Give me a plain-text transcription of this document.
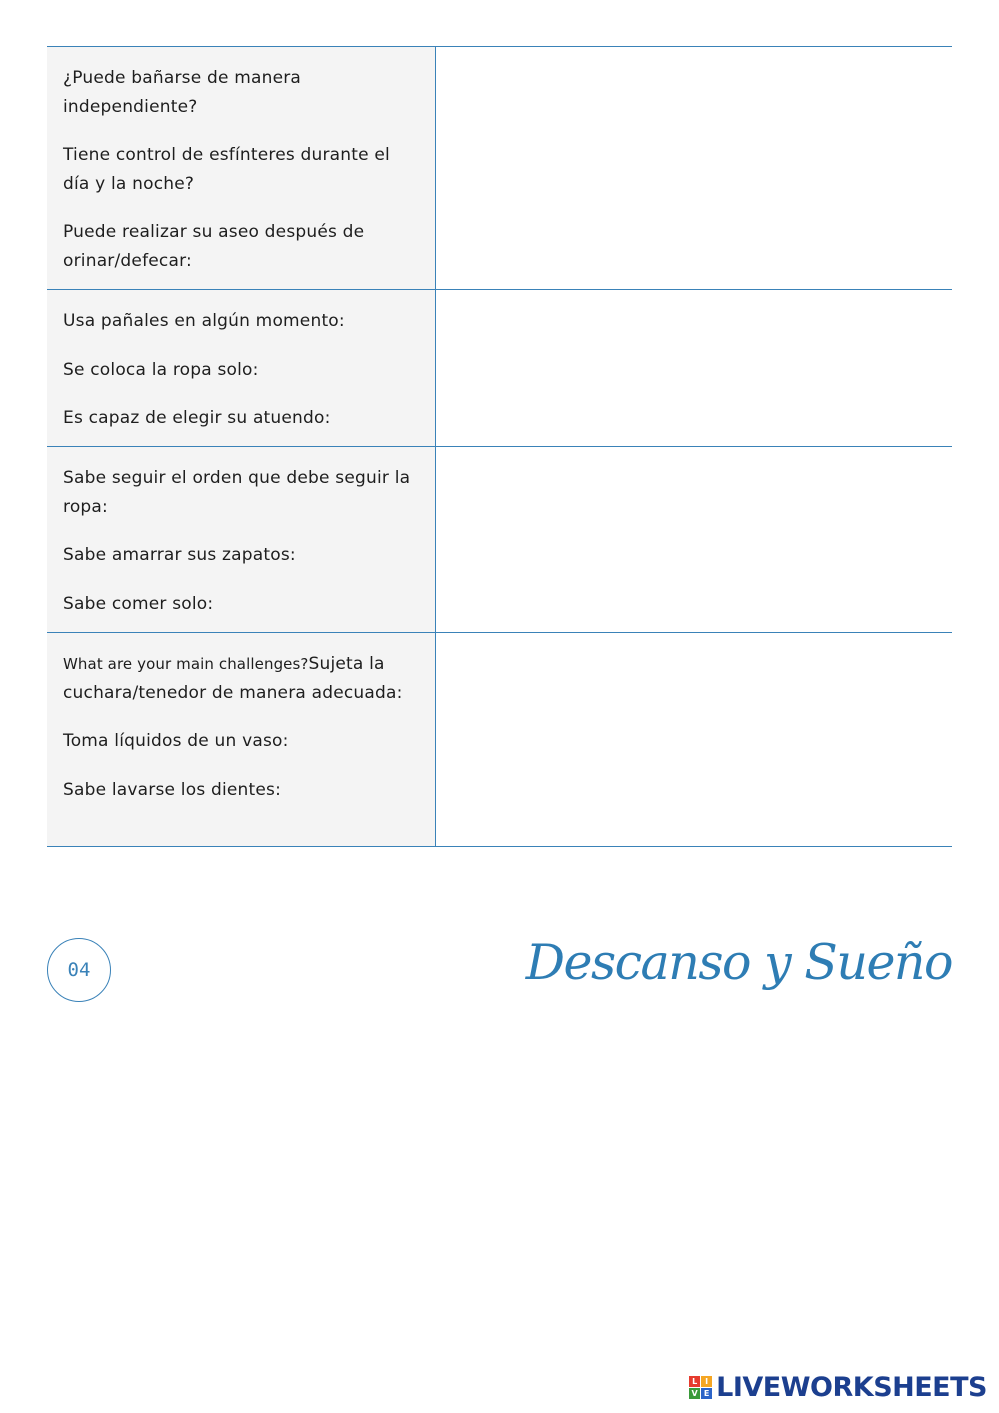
¿Puede bañarse de manera independiente?

Tiene control de esfínteres durante el día y la noche?

Puede realizar su aseo después de orinar/defecar:

Usa pañales en algún momento:

Se coloca la ropa solo:

Es capaz de elegir su atuendo:

Sabe seguir el orden que debe seguir la ropa:

Sabe amarrar sus zapatos:

Sabe comer solo:

What are your main challenges?Sujeta la cuchara/tenedor de manera adecuada:

Toma líquidos de un vaso:

Sabe lavarse los dientes:

04	Descanso y Sueño
L I
V E LIVEWORKSHEETS
